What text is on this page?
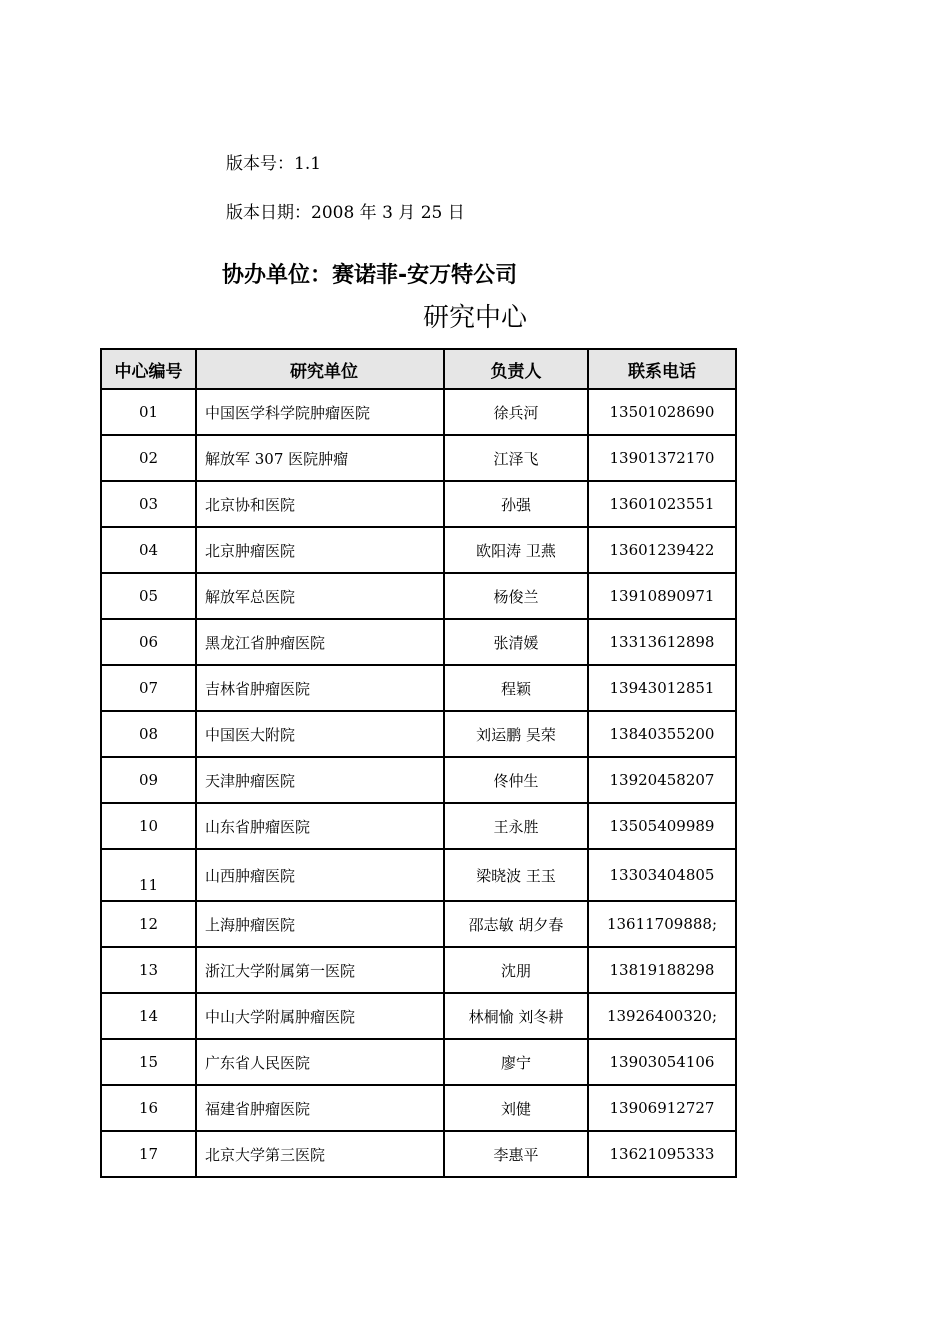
版本号：1.1
版本日期：2008 年 3 月 25 日
协办单位：赛诺菲-安万特公司
研究中心
中心编号	研究单位	负责人	联系电话
01	中国医学科学院肿瘤医院	徐兵河	13501028690
02	解放军 307 医院肿瘤	江泽飞	13901372170
03	北京协和医院	孙强	13601023551
04	北京肿瘤医院	欧阳涛 卫燕	13601239422
05	解放军总医院	杨俊兰	13910890971
06	黑龙江省肿瘤医院	张清媛	13313612898
07	吉林省肿瘤医院	程颖	13943012851
08	中国医大附院	刘运鹏 吴荣	13840355200
09	天津肿瘤医院	佟仲生	13920458207
10	山东省肿瘤医院	王永胜	13505409989
11	山西肿瘤医院	梁晓波 王玉	13303404805
12	上海肿瘤医院	邵志敏 胡夕春	13611709888;
13	浙江大学附属第一医院	沈朋	13819188298
14	中山大学附属肿瘤医院	林桐愉 刘冬耕	13926400320;
15	广东省人民医院	廖宁	13903054106
16	福建省肿瘤医院	刘健	13906912727
17	北京大学第三医院	李惠平	13621095333
